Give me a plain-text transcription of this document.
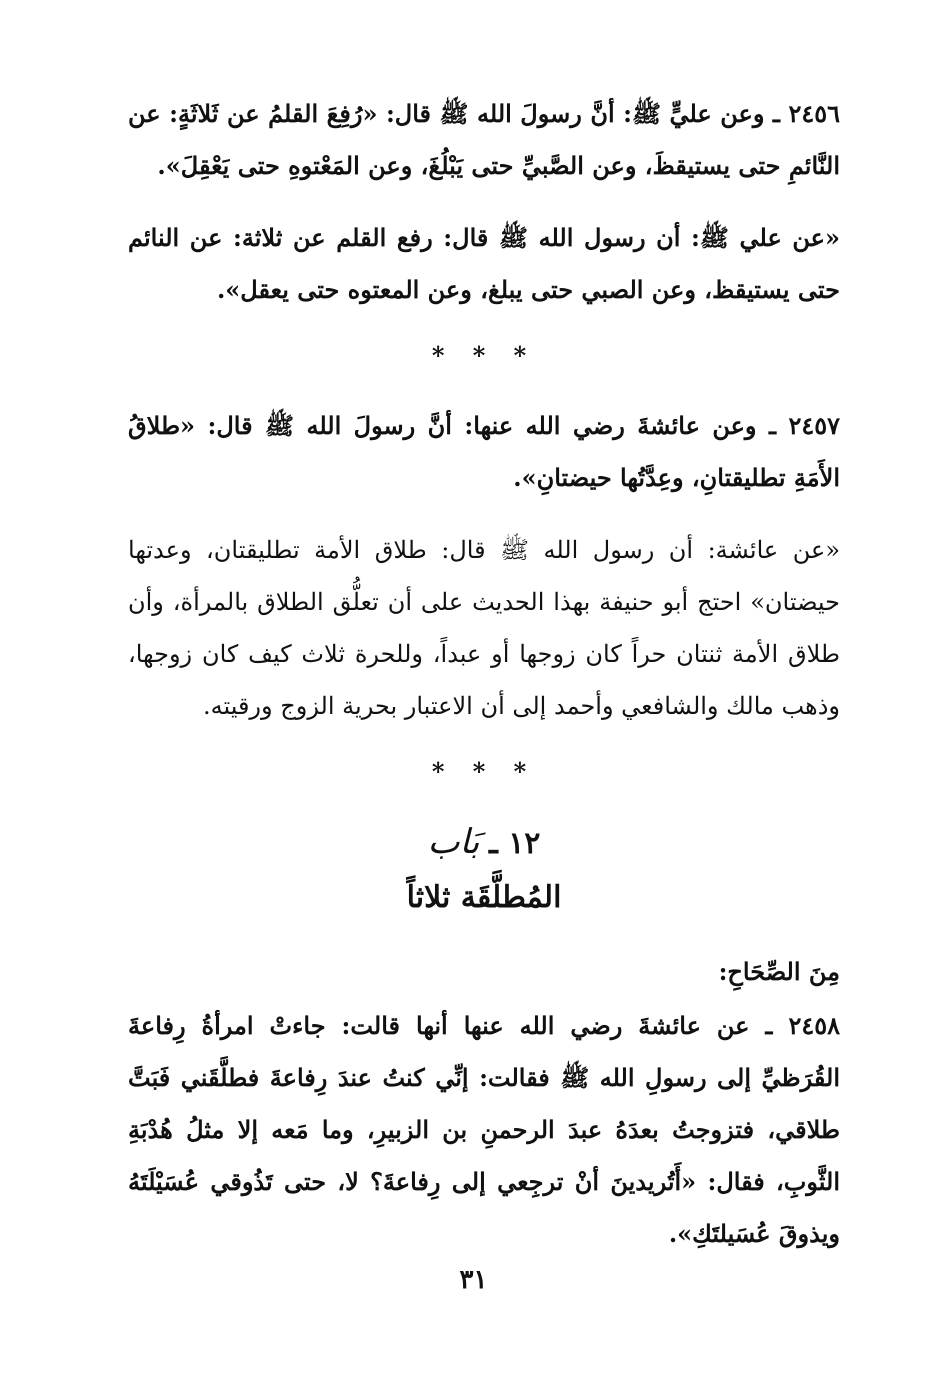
٢٤٥٦ ـ وعن عليٍّ ﷺ: أنَّ رسولَ الله ﷺ قال: «رُفِعَ القلمُ عن ثَلاثَةٍ: عن النَّائمِ حتى يستيقظَ، وعن الصَّبيِّ حتى يَبْلُغَ، وعن المَعْتوهِ حتى يَعْقِلَ».

«عن علي ﷺ: أن رسول الله ﷺ قال: رفع القلم عن ثلاثة: عن النائم حتى يستيقظ، وعن الصبي حتى يبلغ، وعن المعتوه حتى يعقل».

* * *

٢٤٥٧ ـ وعن عائشةَ رضي الله عنها: أنَّ رسولَ الله ﷺ قال: «طلاقُ الأَمَةِ تطليقتانِ، وعِدَّتُها حيضتانِ».

«عن عائشة: أن رسول الله ﷺ قال: طلاق الأمة تطليقتان، وعدتها حيضتان» احتج أبو حنيفة بهذا الحديث على أن تعلُّق الطلاق بالمرأة، وأن طلاق الأمة ثنتان حراً كان زوجها أو عبداً، وللحرة ثلاث كيف كان زوجها، وذهب مالك والشافعي وأحمد إلى أن الاعتبار بحرية الزوج ورقيته.

* * *
١٢ ـ بَاب
المُطلَّقَة ثلاثاً
مِنَ الصِّحَاحِ:

٢٤٥٨ ـ عن عائشةَ رضي الله عنها أنها قالت: جاءتْ امرأةُ رِفاعةَ القُرَظيِّ إلى رسولِ الله ﷺ فقالت: إنِّي كنتُ عندَ رِفاعةَ فطلَّقَني فَبَتَّ طلاقي، فتزوجتُ بعدَهُ عبدَ الرحمنِ بن الزبيرِ، وما مَعه إلا مثلُ هُدْبَةِ الثَّوبِ، فقال: «أَتُريدينَ أنْ ترجِعي إلى رِفاعةَ؟ لا، حتى تَذُوقي عُسَيْلَتَهُ ويذوقَ عُسَيلتَكِ».

٣١
